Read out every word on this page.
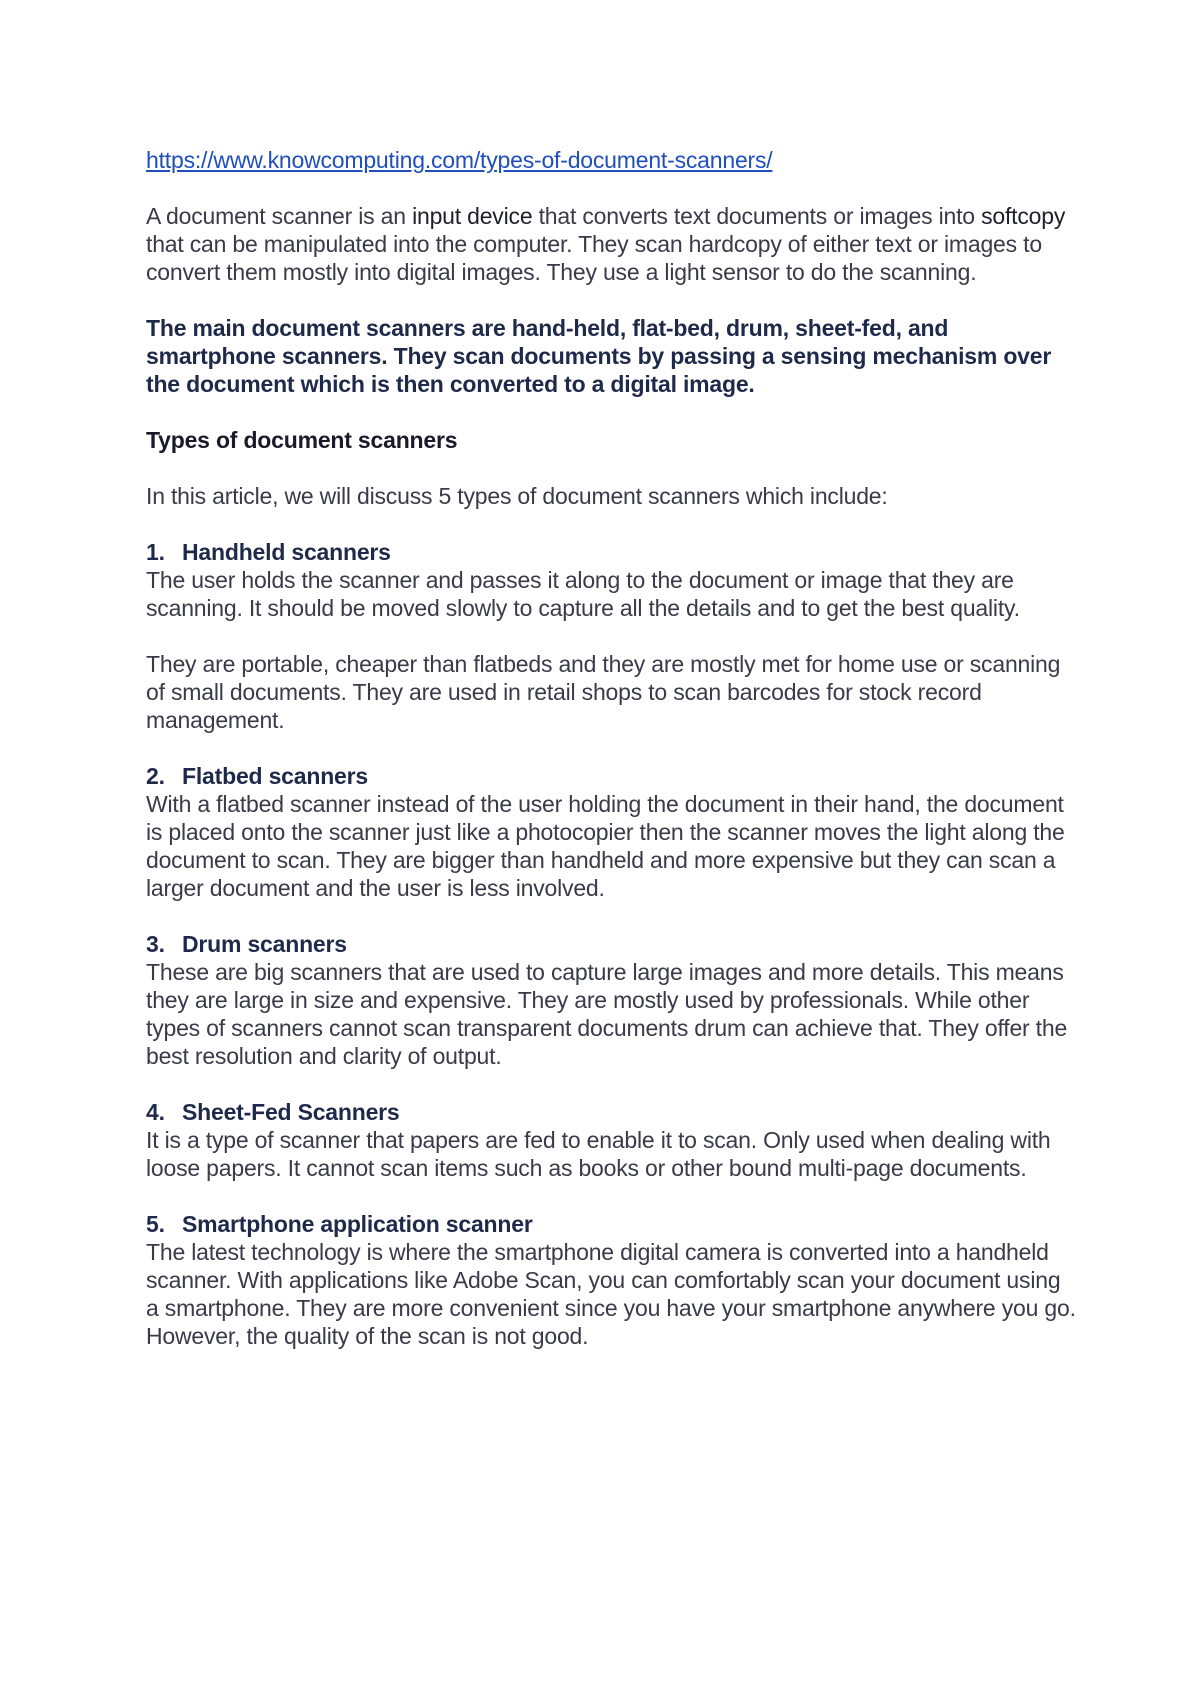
https://www.knowcomputing.com/types-of-document-scanners/

A document scanner is an input device that converts text documents or images into softcopy that can be manipulated into the computer. They scan hardcopy of either text or images to convert them mostly into digital images. They use a light sensor to do the scanning.

The main document scanners are hand-held, flat-bed, drum, sheet-fed, and smartphone scanners. They scan documents by passing a sensing mechanism over the document which is then converted to a digital image.

Types of document scanners

In this article, we will discuss 5 types of document scanners which include:

1. Handheld scanners

The user holds the scanner and passes it along to the document or image that they are scanning. It should be moved slowly to capture all the details and to get the best quality.

They are portable, cheaper than flatbeds and they are mostly met for home use or scanning of small documents. They are used in retail shops to scan barcodes for stock record management.

2. Flatbed scanners

With a flatbed scanner instead of the user holding the document in their hand, the document is placed onto the scanner just like a photocopier then the scanner moves the light along the document to scan. They are bigger than handheld and more expensive but they can scan a larger document and the user is less involved.

3. Drum scanners

These are big scanners that are used to capture large images and more details. This means they are large in size and expensive. They are mostly used by professionals. While other types of scanners cannot scan transparent documents drum can achieve that. They offer the best resolution and clarity of output.

4. Sheet-Fed Scanners

It is a type of scanner that papers are fed to enable it to scan. Only used when dealing with loose papers. It cannot scan items such as books or other bound multi-page documents.

5. Smartphone application scanner

The latest technology is where the smartphone digital camera is converted into a handheld scanner. With applications like Adobe Scan, you can comfortably scan your document using a smartphone. They are more convenient since you have your smartphone anywhere you go. However, the quality of the scan is not good.
